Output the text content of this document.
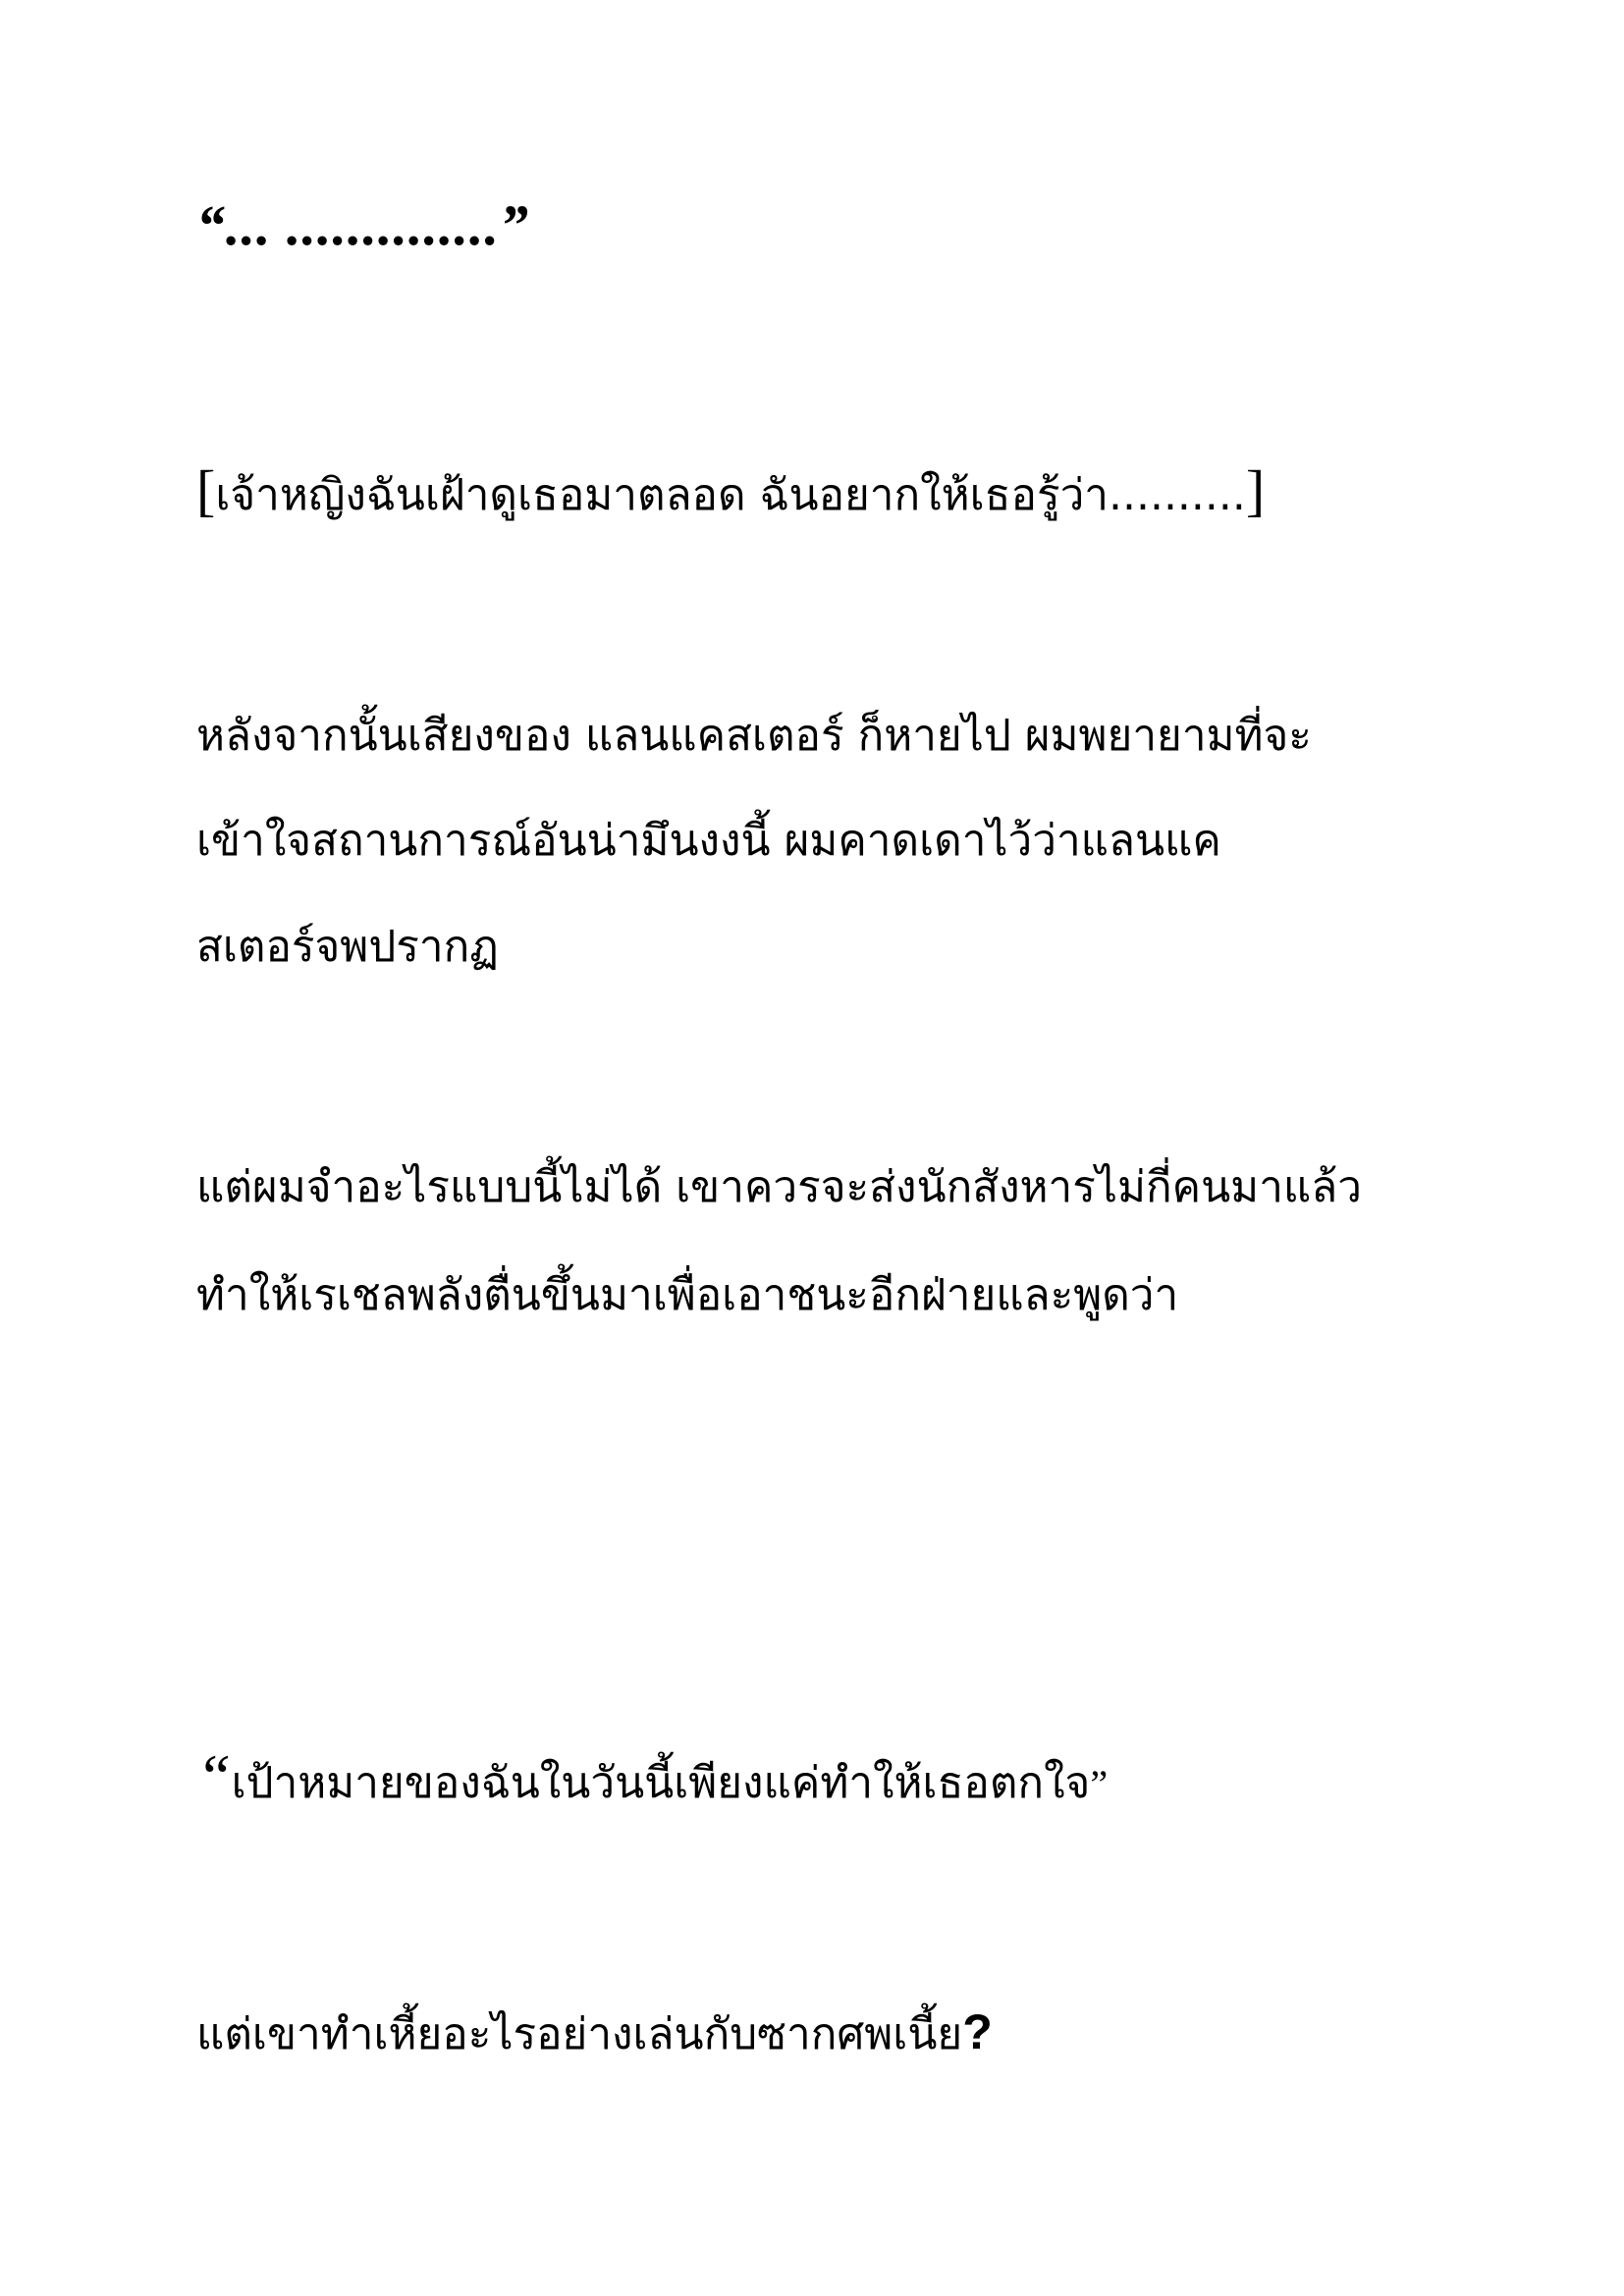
“... ..............”
[เจ้าหญิงฉันเฝ้าดูเธอมาตลอด ฉันอยากให้เธอรู้ว่า..........]
หลังจากนั้นเสียงของ แลนแคสเตอร์ ก็หายไป ผมพยายามที่จะ
เข้าใจสถานการณ์อันน่ามึนงงนี้ ผมคาดเดาไว้ว่าแลนแค
สเตอร์จพปรากฏ
แต่ผมจำอะไรแบบนี้ไม่ได้ เขาควรจะส่งนักสังหารไม่กี่คนมาแล้ว
ทำให้เรเชลพลังตื่นขึ้นมาเพื่อเอาชนะอีกฝ่ายและพูดว่า
“เป้าหมายของฉันในวันนี้เพียงแค่ทำให้เธอตกใจ”
แต่เขาทำเหี้ยอะไรอย่างเล่นกับซากศพเนี้ย?
